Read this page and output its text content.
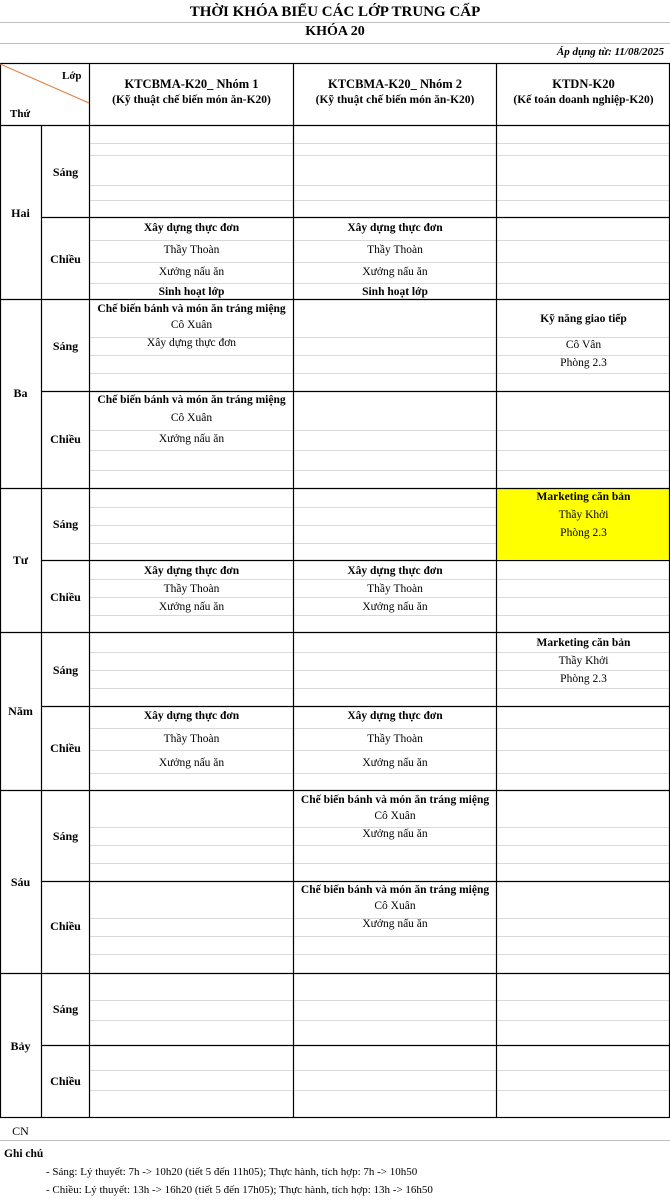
THỜI KHÓA BIỂU CÁC LỚP TRUNG CẤP
KHÓA 20
Áp dụng từ: 11/08/2025
Lớp
Thứ
KTCBMA-K20_ Nhóm 1
(Kỹ thuật chế biến món ăn-K20)
KTCBMA-K20_ Nhóm 2
(Kỹ thuật chế biến món ăn-K20)
KTDN-K20
(Kế toán doanh nghiệp-K20)
Hai
Ba
Tư
Năm
Sáu
Bảy
CN
Sáng
Chiều
Sáng
Chiều
Sáng
Chiều
Sáng
Chiều
Sáng
Chiều
Sáng
Chiều
Xây dựng thực đơn
Thầy Thoàn
Xưởng nấu ăn
Sinh hoạt lớp
Xây dựng thực đơn
Thầy Thoàn
Xưởng nấu ăn
Sinh hoạt lớp
Chế biến bánh và món ăn tráng miệng
Cô Xuân
Xây dựng thực đơn
Kỹ năng giao tiếp
Cô Vân
Phòng 2.3
Chế biến bánh và món ăn tráng miệng
Cô Xuân
Xưởng nấu ăn
Marketing căn bản
Thầy Khởi
Phòng 2.3
Xây dựng thực đơn
Thầy Thoàn
Xưởng nấu ăn
Xây dựng thực đơn
Thầy Thoàn
Xưởng nấu ăn
Marketing căn bản
Thầy Khởi
Phòng 2.3
Xây dựng thực đơn
Thầy Thoàn
Xưởng nấu ăn
Xây dựng thực đơn
Thầy Thoàn
Xưởng nấu ăn
Chế biến bánh và món ăn tráng miệng
Cô Xuân
Xưởng nấu ăn
Chế biến bánh và món ăn tráng miệng
Cô Xuân
Xưởng nấu ăn
Ghi chú
- Sáng: Lý thuyết: 7h -> 10h20 (tiết 5 đến 11h05); Thực hành, tích hợp: 7h -> 10h50
- Chiều: Lý thuyết: 13h -> 16h20 (tiết 5 đến 17h05); Thực hành, tích hợp: 13h -> 16h50
